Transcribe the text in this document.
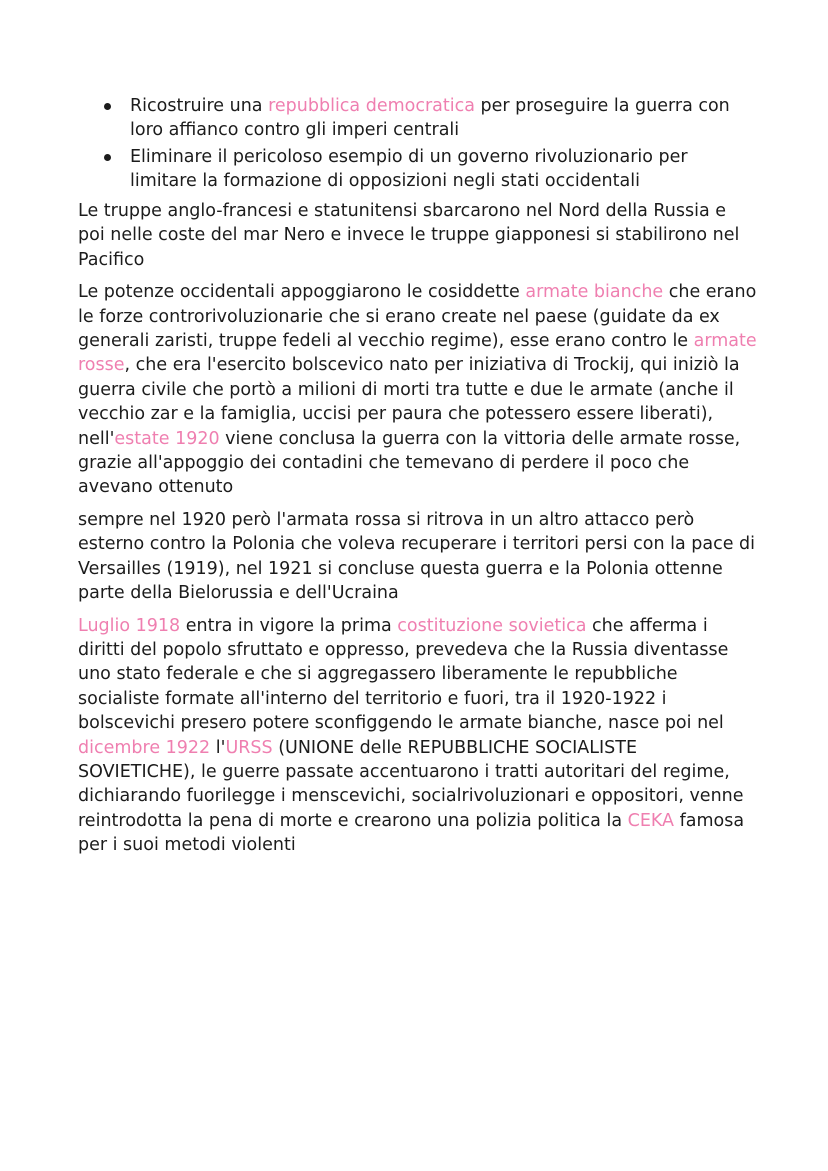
Ricostruire una repubblica democratica per proseguire la guerra con loro affianco contro gli imperi centrali
Eliminare il pericoloso esempio di un governo rivoluzionario per limitare la formazione di opposizioni negli stati occidentali

Le truppe anglo-francesi e statunitensi sbarcarono nel Nord della Russia e poi nelle coste del mar Nero e invece le truppe giapponesi si stabilirono nel Pacifico

Le potenze occidentali appoggiarono le cosiddette armate bianche che erano le forze controrivoluzionarie che si erano create nel paese (guidate da ex generali zaristi, truppe fedeli al vecchio regime), esse erano contro le armate rosse, che era l'esercito bolscevico nato per iniziativa di Trockij, qui iniziò la guerra civile che portò a milioni di morti tra tutte e due le armate (anche il vecchio zar e la famiglia, uccisi per paura che potessero essere liberati), nell'estate 1920 viene conclusa la guerra con la vittoria delle armate rosse, grazie all'appoggio dei contadini che temevano di perdere il poco che avevano ottenuto

sempre nel 1920 però l'armata rossa si ritrova in un altro attacco però esterno contro la Polonia che voleva recuperare i territori persi con la pace di Versailles (1919), nel 1921 si concluse questa guerra e la Polonia ottenne parte della Bielorussia e dell'Ucraina

Luglio 1918 entra in vigore la prima costituzione sovietica che afferma i diritti del popolo sfruttato e oppresso, prevedeva che la Russia diventasse uno stato federale e che si aggregassero liberamente le repubbliche socialiste formate all'interno del territorio e fuori, tra il 1920-1922 i bolscevichi presero potere sconfiggendo le armate bianche, nasce poi nel dicembre 1922 l'URSS (UNIONE delle REPUBBLICHE SOCIALISTE SOVIETICHE), le guerre passate accentuarono i tratti autoritari del regime, dichiarando fuorilegge i menscevichi, socialrivoluzionari e oppositori, venne reintrodotta la pena di morte e crearono una polizia politica la CEKA famosa per i suoi metodi violenti
